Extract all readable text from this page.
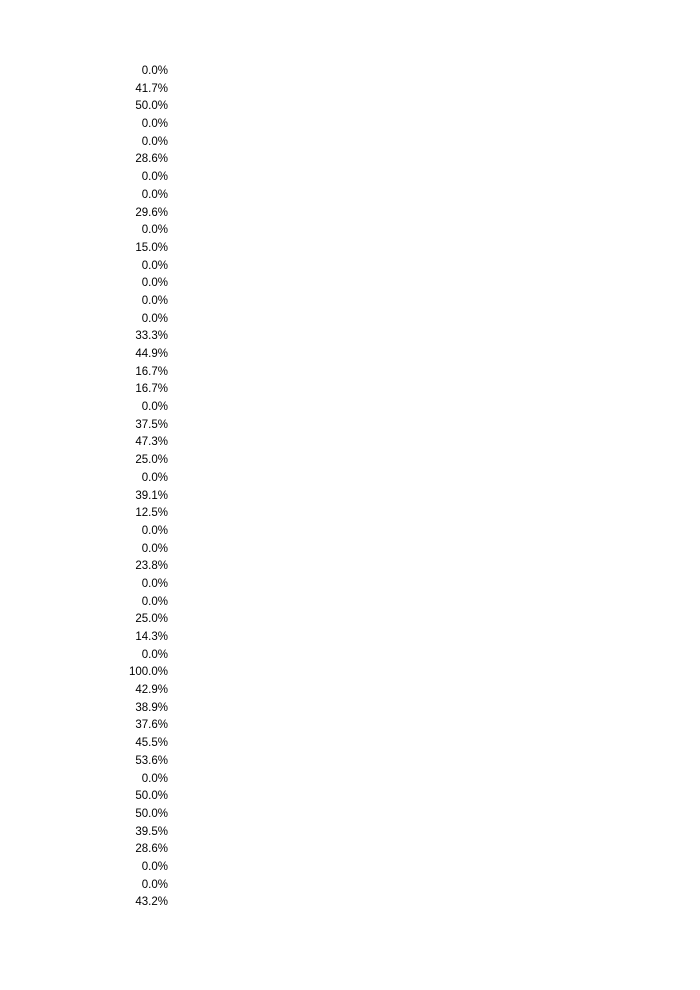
0.0%
41.7%
50.0%
0.0%
0.0%
28.6%
0.0%
0.0%
29.6%
0.0%
15.0%
0.0%
0.0%
0.0%
0.0%
33.3%
44.9%
16.7%
16.7%
0.0%
37.5%
47.3%
25.0%
0.0%
39.1%
12.5%
0.0%
0.0%
23.8%
0.0%
0.0%
25.0%
14.3%
0.0%
100.0%
42.9%
38.9%
37.6%
45.5%
53.6%
0.0%
50.0%
50.0%
39.5%
28.6%
0.0%
0.0%
43.2%
